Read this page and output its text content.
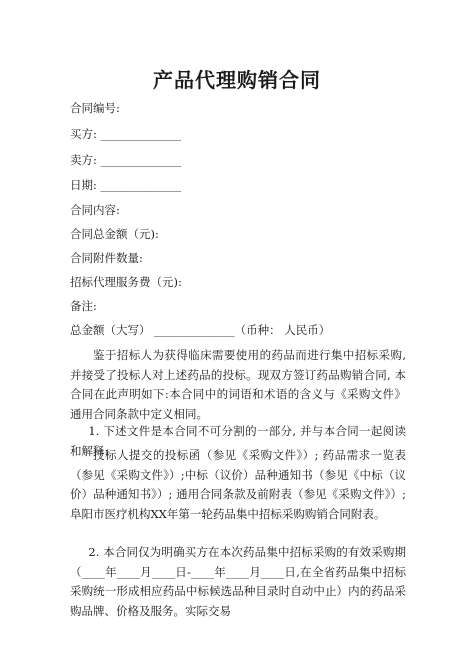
产品代理购销合同
合同编号:
买方: ______________
卖方: ______________
日期: ______________
合同内容:
合同总金额（元):
合同附件数量:
招标代理服务费（元):
备注:
总金额（大写） ______________（币种： 人民币）
鉴于招标人为获得临床需要使用的药品而进行集中招标采购, 并接受了投标人对上述药品的投标。现双方签订药品购销合同, 本合同在此声明如下:本合同中的词语和术语的含义与《采购文件》通用合同条款中定义相同。
1. 下述文件是本合同不可分割的一部分, 并与本合同一起阅读和解释:
投标人提交的投标函（参见《采购文件》）; 药品需求一览表（参见《采购文件》）;中标（议价）品种通知书（参见《中标（议价）品种通知书》）; 通用合同条款及前附表（参见《采购文件》）;阜阳市医疗机构XX年第一轮药品集中招标采购购销合同附表。
2. 本合同仅为明确买方在本次药品集中招标采购的有效采购期（____年____月____日-____年____月____日,在全省药品集中招标采购统一形成相应药品中标候选品种目录时自动中止）内的药品采购品牌、价格及服务。实际交易
